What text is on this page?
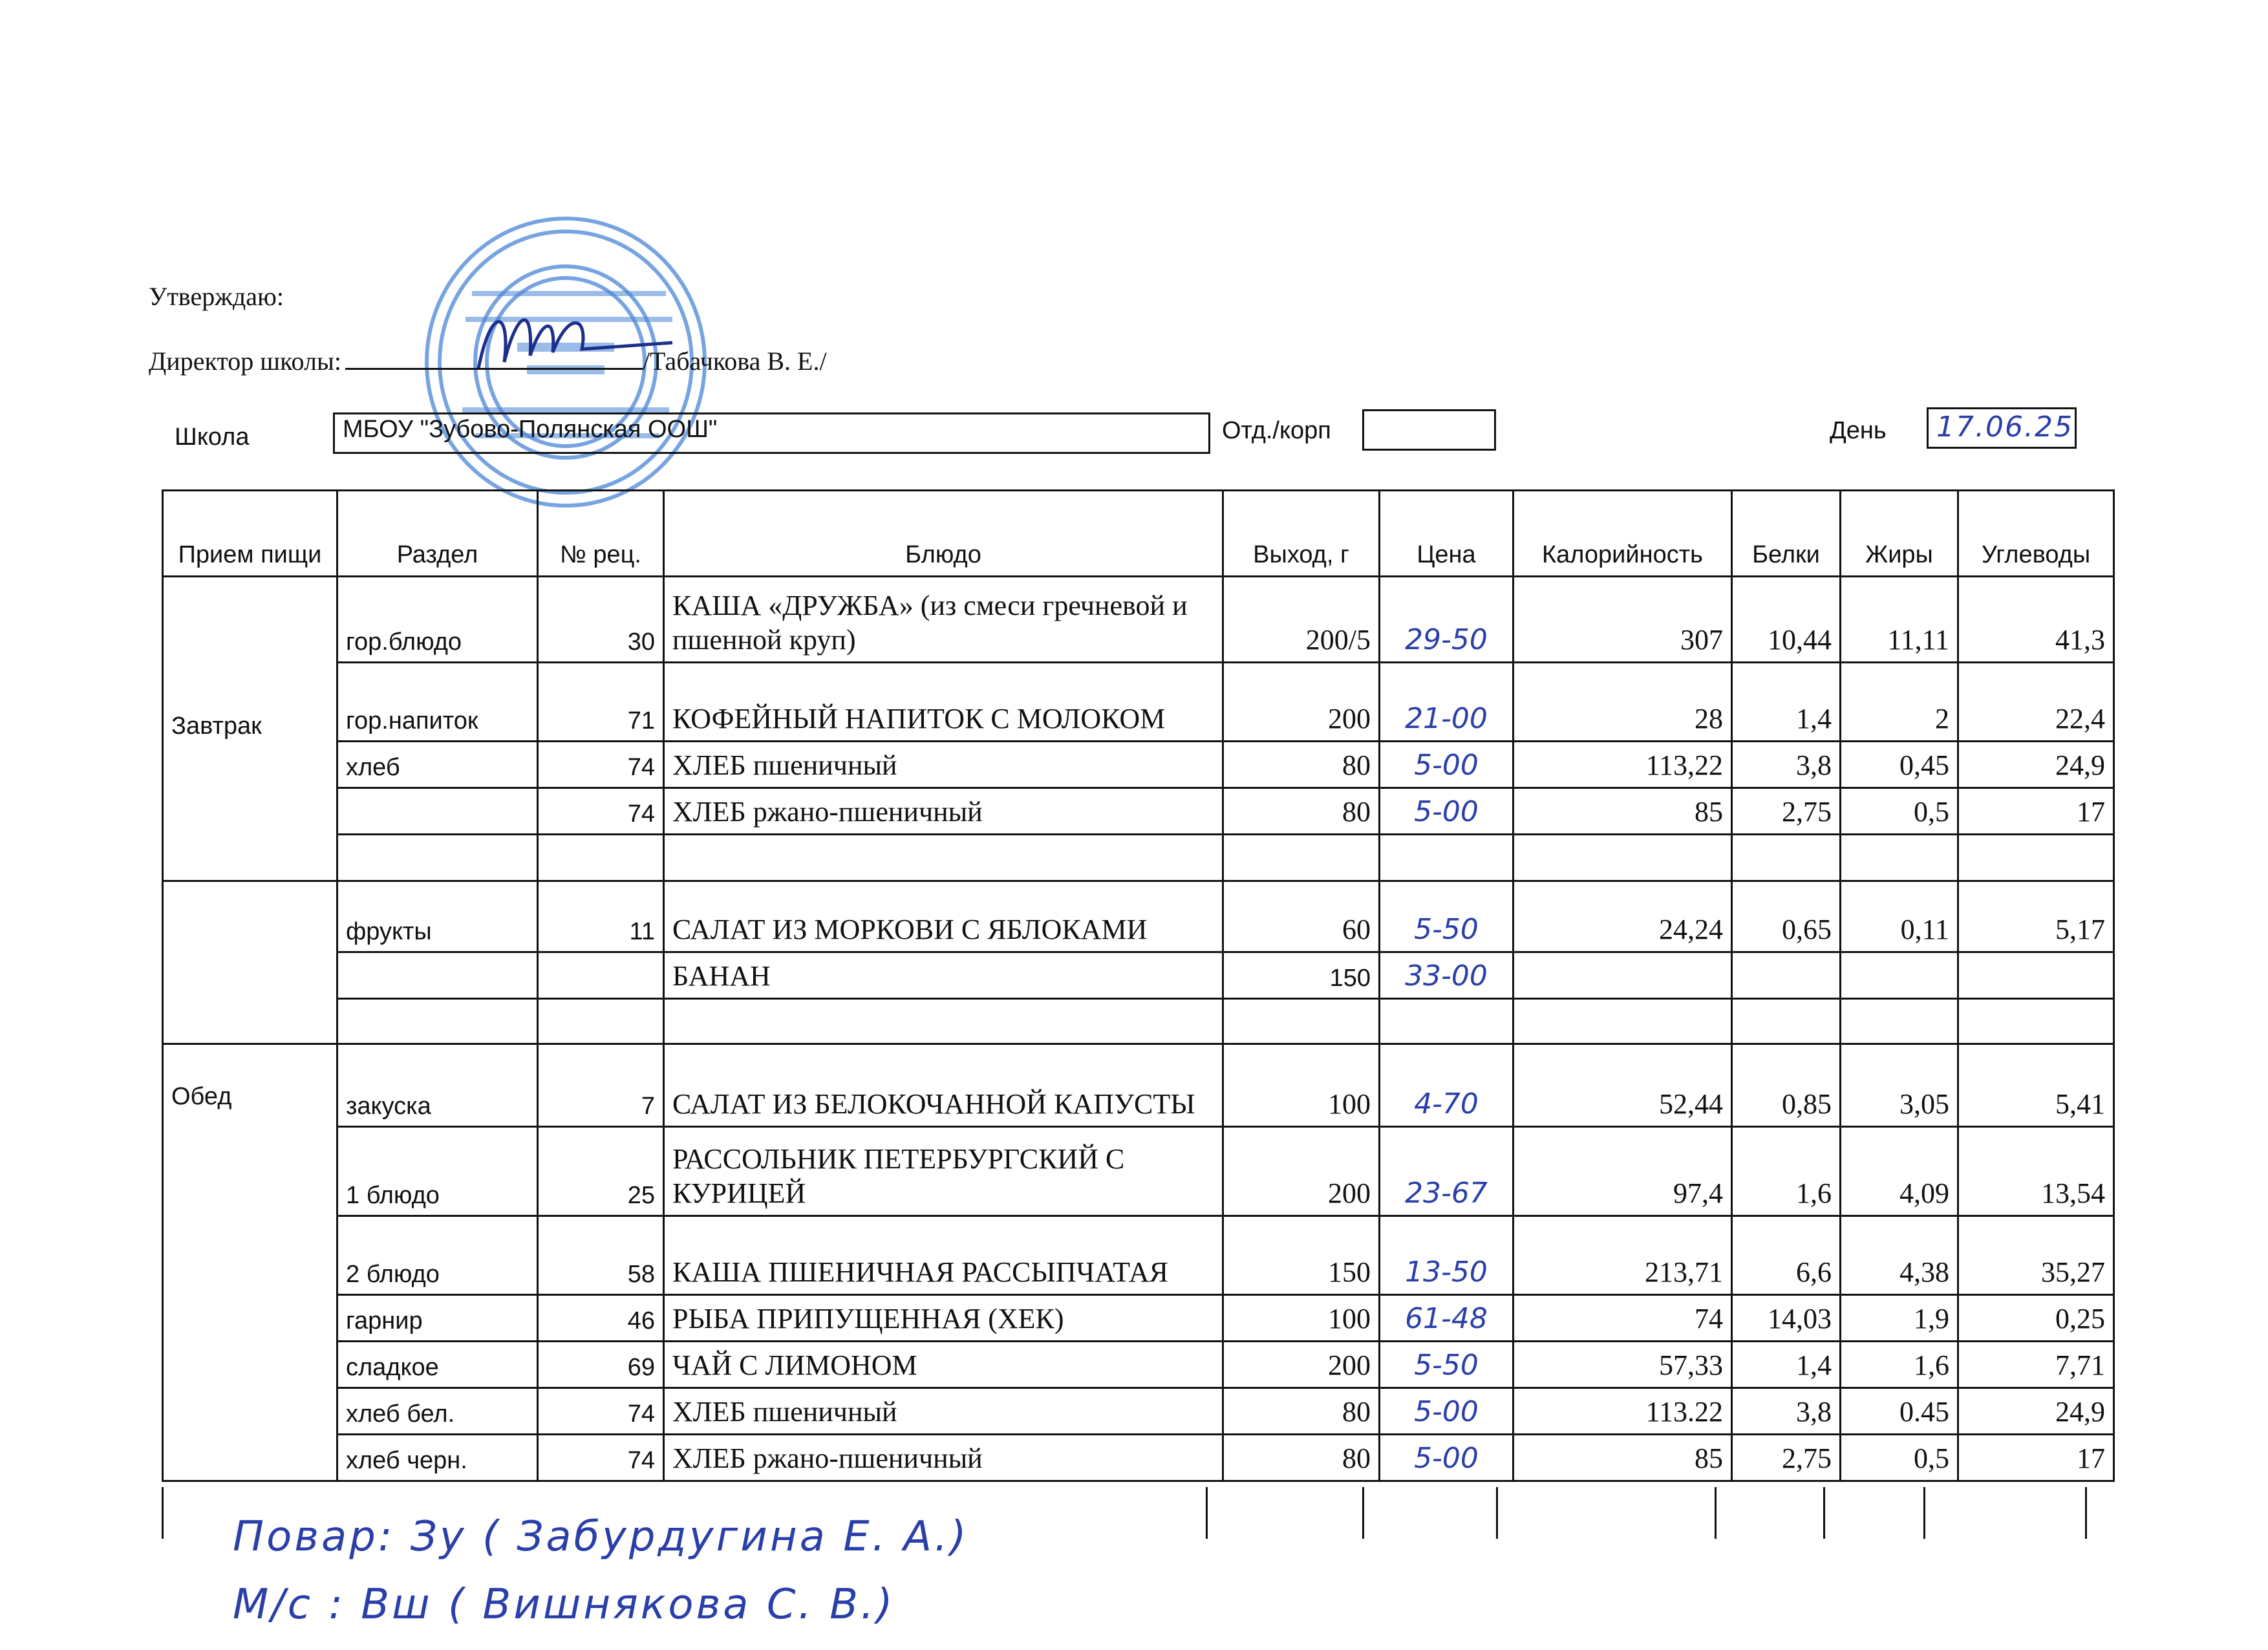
Утверждаю:
Директор школы:	/Табачкова В. Е./
Школа	МБОУ "Зубово-Полянская ООШ"	Отд./корп	День	17.06.25
Прием пищи	Раздел	№ рец.	Блюдо	Выход, г	Цена	Калорийность	Белки	Жиры	Углеводы
Завтрак	гор.блюдо	30	КАША «ДРУЖБА» (из смеси гречневой и пшенной круп)	200/5	29-50	307	10,44	11,11	41,3
	гор.напиток	71	КОФЕЙНЫЙ НАПИТОК С МОЛОКОМ	200	21-00	28	1,4	2	22,4
	хлеб	74	ХЛЕБ пшеничный	80	5-00	113,22	3,8	0,45	24,9
		74	ХЛЕБ ржано-пшеничный	80	5-00	85	2,75	0,5	17

	фрукты	11	САЛАТ ИЗ МОРКОВИ С ЯБЛОКАМИ	60	5-50	24,24	0,65	0,11	5,17
			БАНАН	150	33-00				

Обед	закуска	7	САЛАТ ИЗ БЕЛОКОЧАННОЙ КАПУСТЫ	100	4-70	52,44	0,85	3,05	5,41
	1 блюдо	25	РАССОЛЬНИК ПЕТЕРБУРГСКИЙ С КУРИЦЕЙ	200	23-67	97,4	1,6	4,09	13,54
	2 блюдо	58	КАША ПШЕНИЧНАЯ РАССЫПЧАТАЯ	150	13-50	213,71	6,6	4,38	35,27
	гарнир	46	РЫБА ПРИПУЩЕННАЯ (ХЕК)	100	61-48	74	14,03	1,9	0,25
	сладкое	69	ЧАЙ С ЛИМОНОМ	200	5-50	57,33	1,4	1,6	7,71
	хлеб бел.	74	ХЛЕБ пшеничный	80	5-00	113.22	3,8	0.45	24,9
	хлеб черн.	74	ХЛЕБ ржано-пшеничный	80	5-00	85	2,75	0,5	17
Повар: Зу ( Забурдугина Е. А.)
М/с : Вш ( Вишнякова С. В.)
